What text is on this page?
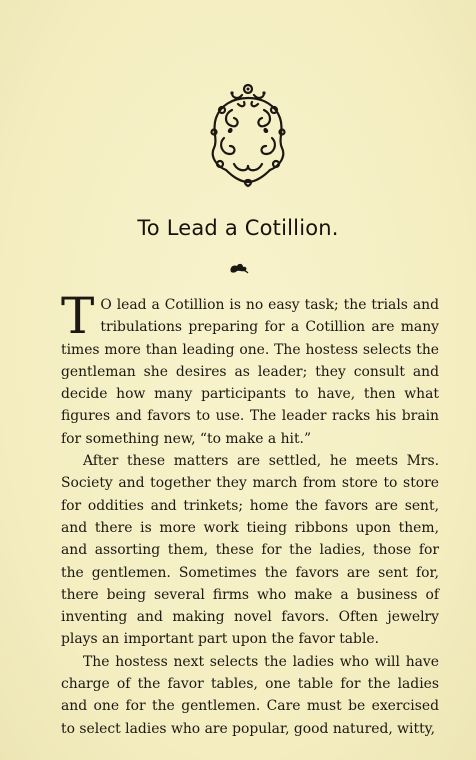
To Lead a Cotillion.

T O lead a Cotillion is no easy task; the trials and tribulations preparing for a Cotillion are many times more than leading one. The hostess selects the gentleman she desires as leader; they consult and decide how many participants to have, then what figures and favors to use. The leader racks his brain for something new, “to make a hit.”

After these matters are settled, he meets Mrs. Society and together they march from store to store for oddities and trinkets; home the favors are sent, and there is more work tieing ribbons upon them, and assorting them, these for the ladies, those for the gentlemen. Sometimes the favors are sent for, there being several firms who make a business of inventing and making novel favors. Often jewelry plays an important part upon the favor table.

The hostess next selects the ladies who will have charge of the favor tables, one table for the ladies and one for the gentlemen. Care must be exercised to select ladies who are popular, good natured, witty,
